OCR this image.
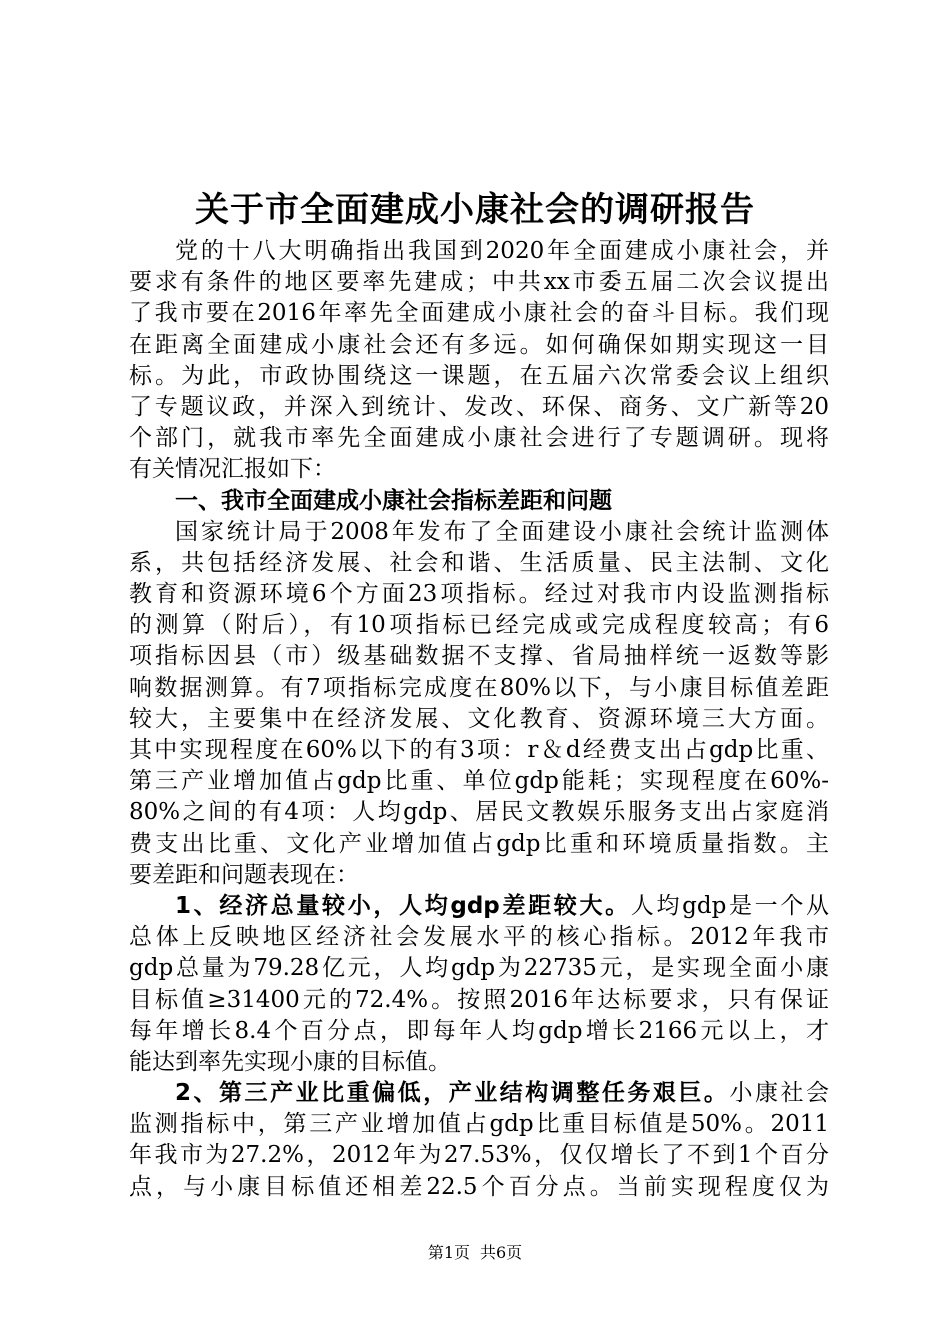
关于市全面建成小康社会的调研报告
党的十八大明确指出我国到2020年全面建成小康社会，并
要求有条件的地区要率先建成；中共xx市委五届二次会议提出
了我市要在2016年率先全面建成小康社会的奋斗目标。我们现
在距离全面建成小康社会还有多远。如何确保如期实现这一目
标。为此，市政协围绕这一课题，在五届六次常委会议上组织
了专题议政，并深入到统计、发改、环保、商务、文广新等20
个部门，就我市率先全面建成小康社会进行了专题调研。现将
有关情况汇报如下：
一、我市全面建成小康社会指标差距和问题
国家统计局于2008年发布了全面建设小康社会统计监测体
系，共包括经济发展、社会和谐、生活质量、民主法制、文化
教育和资源环境6个方面23项指标。经过对我市内设监测指标
的测算（附后），有10项指标已经完成或完成程度较高；有6
项指标因县（市）级基础数据不支撑、省局抽样统一返数等影
响数据测算。有7项指标完成度在80%以下，与小康目标值差距
较大，主要集中在经济发展、文化教育、资源环境三大方面。
其中实现程度在60%以下的有3项：r＆d经费支出占gdp比重、
第三产业增加值占gdp比重、单位gdp能耗；实现程度在60%-
80%之间的有4项：人均gdp、居民文教娱乐服务支出占家庭消
费支出比重、文化产业增加值占gdp比重和环境质量指数。主
要差距和问题表现在：
1、经济总量较小，人均gdp差距较大。人均gdp是一个从
总体上反映地区经济社会发展水平的核心指标。2012年我市
gdp总量为79.28亿元，人均gdp为22735元，是实现全面小康
目标值≥31400元的72.4%。按照2016年达标要求，只有保证
每年增长8.4个百分点，即每年人均gdp增长2166元以上，才
能达到率先实现小康的目标值。
2、第三产业比重偏低，产业结构调整任务艰巨。小康社会
监测指标中，第三产业增加值占gdp比重目标值是50%。2011
年我市为27.2%，2012年为27.53%，仅仅增长了不到1个百分
点，与小康目标值还相差22.5个百分点。当前实现程度仅为
第1页 共6页
